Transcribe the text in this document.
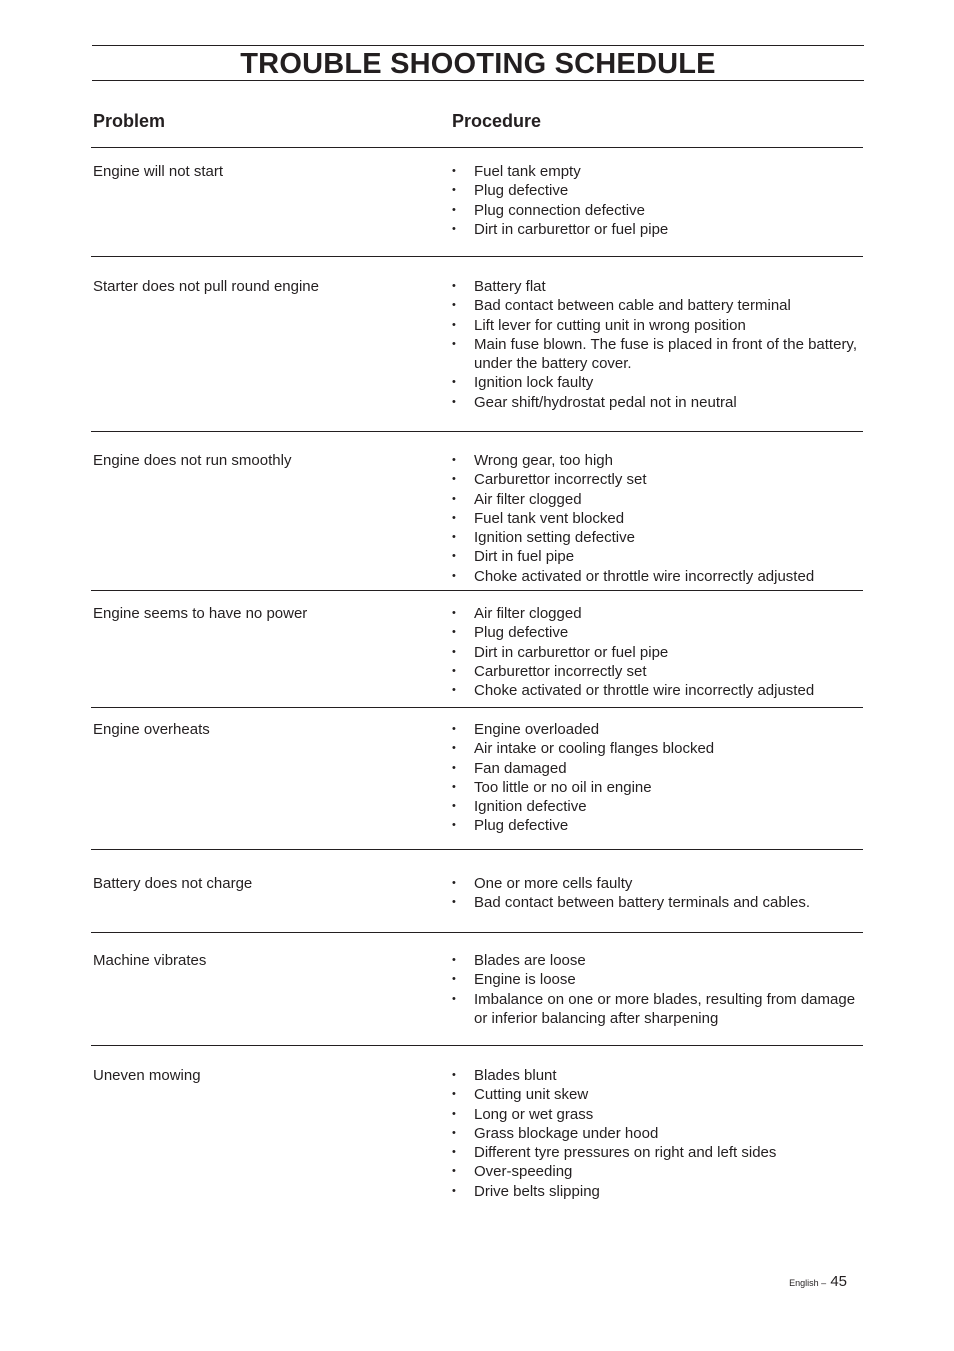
TROUBLE SHOOTING SCHEDULE
Problem	Procedure
Engine will not start	• Fuel tank empty
• Plug defective
• Plug connection defective
• Dirt in carburettor or fuel pipe
Starter does not pull round engine	• Battery flat
• Bad contact between cable and battery terminal
• Lift lever for cutting unit in wrong position
• Main fuse blown. The fuse is placed in front of the battery, under the battery cover.
• Ignition lock faulty
• Gear shift/hydrostat pedal not in neutral
Engine does not run smoothly	• Wrong gear, too high
• Carburettor incorrectly set
• Air filter clogged
• Fuel tank vent blocked
• Ignition setting defective
• Dirt in fuel pipe
• Choke activated or throttle wire incorrectly adjusted
Engine seems to have no power	• Air filter clogged
• Plug defective
• Dirt in carburettor or fuel pipe
• Carburettor incorrectly set
• Choke activated or throttle wire incorrectly adjusted
Engine overheats	• Engine overloaded
• Air intake or cooling flanges blocked
• Fan damaged
• Too little or no oil in engine
• Ignition defective
• Plug defective
Battery does not charge	• One or more cells faulty
• Bad contact between battery terminals and cables.
Machine vibrates	• Blades are loose
• Engine is loose
• Imbalance on one or more blades, resulting from damage or inferior balancing after sharpening
Uneven mowing	• Blades blunt
• Cutting unit skew
• Long or wet grass
• Grass blockage under hood
• Different tyre pressures on right and left sides
• Over-speeding
• Drive belts slipping
English – 45
